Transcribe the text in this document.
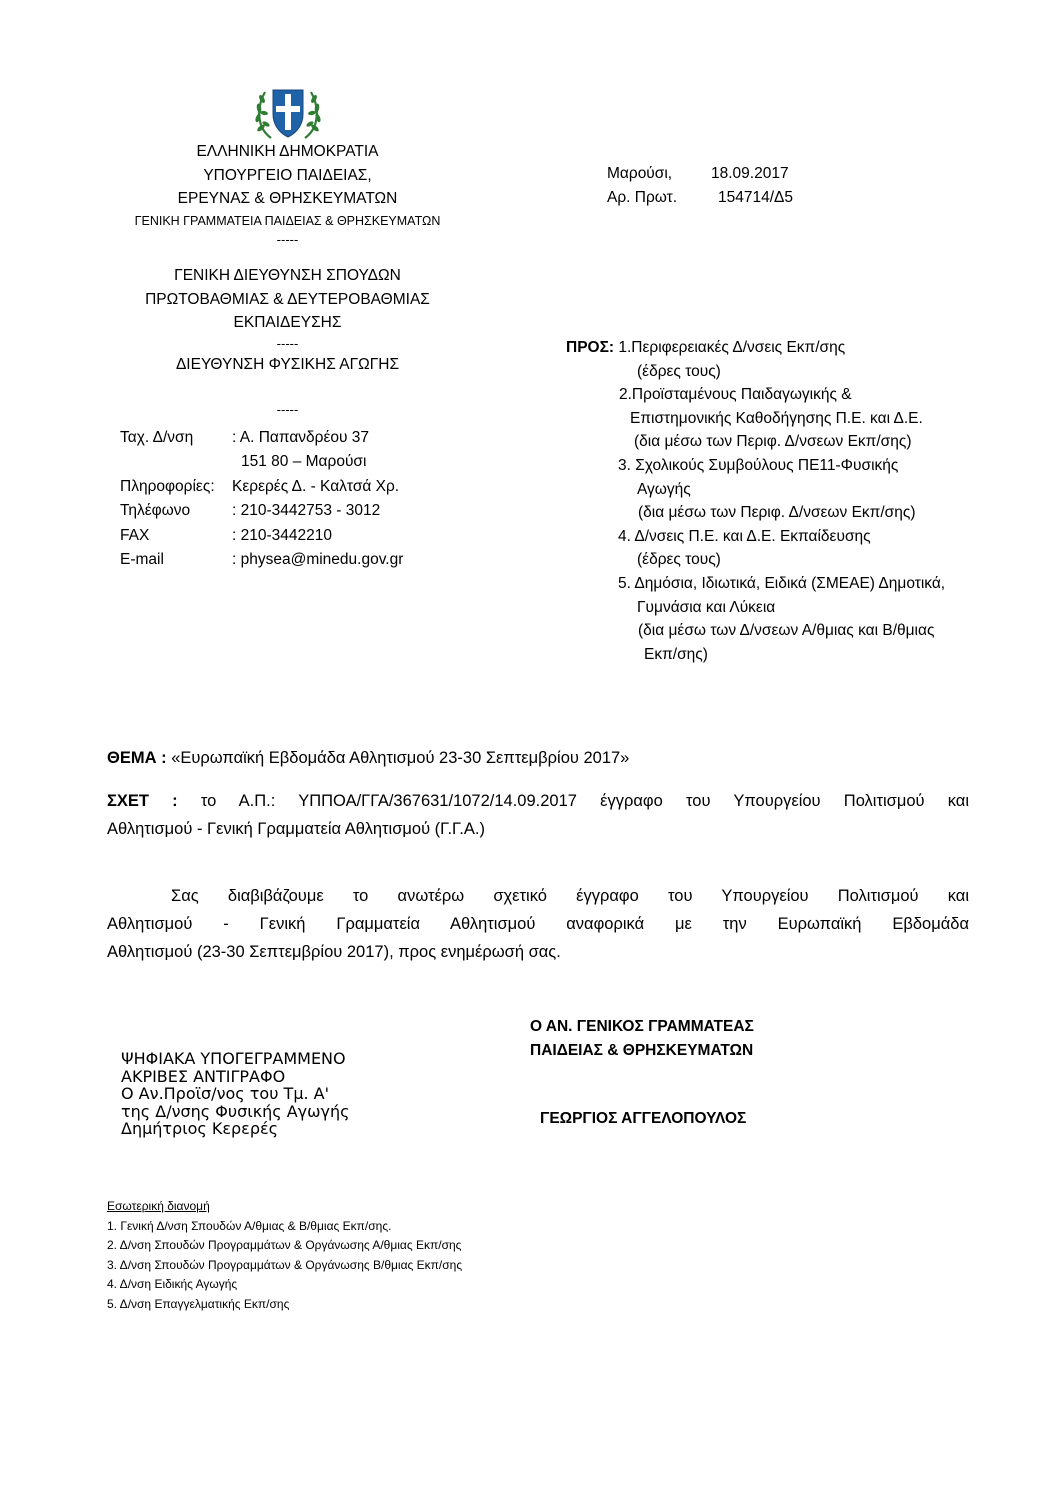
ΕΛΛΗΝΙΚΗ ΔΗΜΟΚΡΑΤΙΑ
ΥΠΟΥΡΓΕΙΟ ΠΑΙΔΕΙΑΣ,
ΕΡΕΥΝΑΣ & ΘΡΗΣΚΕΥΜΑΤΩΝ
ΓΕΝΙΚΗ ΓΡΑΜΜΑΤΕΙΑ ΠΑΙΔΕΙΑΣ & ΘΡΗΣΚΕΥΜΑΤΩΝ
-----
ΓΕΝΙΚΗ ΔΙΕΥΘΥΝΣΗ ΣΠΟΥΔΩΝ
ΠΡΩΤΟΒΑΘΜΙΑΣ & ΔΕΥΤΕΡΟΒΑΘΜΙΑΣ
ΕΚΠΑΙΔΕΥΣΗΣ
-----
ΔΙΕΥΘΥΝΣΗ ΦΥΣΙΚΗΣ ΑΓΩΓΗΣ
-----
Ταχ. Δ/νση	: Α. Παπανδρέου 37
151 80 – Μαρούσι
Πληροφορίες:	Κερερές Δ. - Καλτσά Χρ.
Τηλέφωνο	: 210-3442753 - 3012
FAX	: 210-3442210
E-mail	: physea@minedu.gov.gr
Μαρούσι,	18.09.2017
Αρ. Πρωτ.	154714/Δ5
ΠΡΟΣ: 1.Περιφερειακές Δ/νσεις Εκπ/σης
(έδρες τους)
2.Προϊσταμένους Παιδαγωγικής &
Επιστημονικής Καθοδήγησης Π.Ε. και Δ.Ε.
(δια μέσω των Περιφ. Δ/νσεων Εκπ/σης)
3. Σχολικούς Συμβούλους ΠΕ11-Φυσικής
Αγωγής
(δια μέσω των Περιφ. Δ/νσεων Εκπ/σης)
4. Δ/νσεις Π.Ε. και Δ.Ε. Εκπαίδευσης
(έδρες τους)
5. Δημόσια, Ιδιωτικά, Ειδικά (ΣΜΕΑΕ) Δημοτικά,
Γυμνάσια και Λύκεια
(δια μέσω των Δ/νσεων Α/θμιας και Β/θμιας
Εκπ/σης)
ΘΕΜΑ : «Ευρωπαϊκή Εβδομάδα Αθλητισμού 23-30 Σεπτεμβρίου 2017»

ΣΧΕΤ : το Α.Π.: ΥΠΠΟΑ/ΓΓΑ/367631/1072/14.09.2017 έγγραφο του Υπουργείου Πολιτισμού και

Αθλητισμού - Γενική Γραμματεία Αθλητισμού (Γ.Γ.Α.)

Σας διαβιβάζουμε το ανωτέρω σχετικό έγγραφο του Υπουργείου Πολιτισμού και

Αθλητισμού - Γενική Γραμματεία Αθλητισμού αναφορικά με την Ευρωπαϊκή Εβδομάδα

Αθλητισμού (23-30 Σεπτεμβρίου 2017), προς ενημέρωσή σας.

Ο ΑΝ. ΓΕΝΙΚΟΣ ΓΡΑΜΜΑΤΕΑΣ
ΠΑΙΔΕΙΑΣ & ΘΡΗΣΚΕΥΜΑΤΩΝ
ΓΕΩΡΓΙΟΣ ΑΓΓΕΛΟΠΟΥΛΟΣ
ΨΗΦΙΑΚΑ ΥΠΟΓΕΓΡΑΜΜΕΝΟ
ΑΚΡΙΒΕΣ ΑΝΤΙΓΡΑΦΟ
Ο Αν.Προϊσ/νος του Τμ. Α'
της Δ/νσης Φυσικής Αγωγής
Δημήτριος Κερερές
Εσωτερική διανομή
1. Γενική Δ/νση Σπουδών Α/θμιας & Β/θμιας Εκπ/σης.
2. Δ/νση Σπουδών Προγραμμάτων & Οργάνωσης Α/θμιας Εκπ/σης
3. Δ/νση Σπουδών Προγραμμάτων & Οργάνωσης Β/θμιας Εκπ/σης
4. Δ/νση Ειδικής Αγωγής
5. Δ/νση Επαγγελματικής Εκπ/σης
